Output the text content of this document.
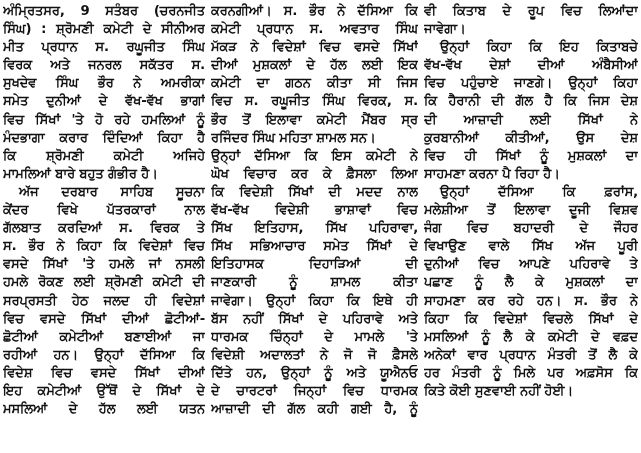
ਅੰਮ੍ਰਿਤਸਰ, 9 ਸਤੰਬਰ (ਚਰਨਜੀਤ
ਸਿੰਘ) : ਸ਼੍ਰੋਮਣੀ ਕਮੇਟੀ ਦੇ ਸੀਨੀਅਰ
ਮੀਤ ਪ੍ਰਧਾਨ ਸ. ਰਘੂਜੀਤ ਸਿੰਘ
ਵਿਰਕ ਅਤੇ ਜਨਰਲ ਸਕੱਤਰ ਸ.
ਸੁਖਦੇਵ ਸਿੰਘ ਭੌਰ ਨੇ ਅਮਰੀਕਾ
ਸਮੇਤ ਦੁਨੀਆਂ ਦੇ ਵੱਖ-ਵੱਖ ਭਾਗਾਂ
ਵਿਚ ਸਿੱਖਾਂ 'ਤੇ ਹੋ ਰਹੇ ਹਮਲਿਆਂ ਨੂੰ
ਮੰਦਭਾਗਾ ਕਰਾਰ ਦਿੰਦਿਆਂ ਕਿਹਾ ਹੈ
ਕਿ ਸ਼੍ਰੋਮਣੀ ਕਮੇਟੀ ਅਜਿਹੇ
ਮਾਮਲਿਆਂ ਬਾਰੇ ਬਹੁਤ ਗੰਭੀਰ ਹੈ।
ਅੱਜ ਦਰਬਾਰ ਸਾਹਿਬ ਸੂਚਨਾ
ਕੇਂਦਰ ਵਿਖੇ ਪੱਤਰਕਾਰਾਂ ਨਾਲ
ਗੱਲਬਾਤ ਕਰਦਿਆਂ ਸ. ਵਿਰਕ ਤੇ
ਸ. ਭੌਰ ਨੇ ਕਿਹਾ ਕਿ ਵਿਦੇਸ਼ਾਂ ਵਿਚ
ਵਸਦੇ ਸਿੱਖਾਂ 'ਤੇ ਹਮਲੇ ਜਾਂ ਨਸਲੀ
ਹਮਲੇ ਰੋਕਣ ਲਈ ਸ਼੍ਰੋਮਣੀ ਕਮੇਟੀ ਦੀ
ਸਰਪ੍ਰਸਤੀ ਹੇਠ ਜਲਦ ਹੀ ਵਿਦੇਸ਼ਾਂ
ਵਿਚ ਵਸਦੇ ਸਿੱਖਾਂ ਦੀਆਂ ਛੋਟੀਆਂ-
ਛੋਟੀਆਂ ਕਮੇਟੀਆਂ ਬਣਾਈਆਂ ਜਾ
ਰਹੀਆਂ ਹਨ। ਉਨ੍ਹਾਂ ਦੱਸਿਆ ਕਿ
ਵਿਦੇਸ਼ ਵਿਚ ਵਸਦੇ ਸਿੱਖਾਂ ਦੀਆਂ
ਇਹ ਕਮੇਟੀਆਂ ਉੱਥੋਂ ਦੇ ਸਿੱਖਾਂ ਦੇ
ਮਸਲਿਆਂ ਦੇ ਹੱਲ ਲਈ ਯਤਨ
ਕਰਨਗੀਆਂ। ਸ. ਭੌਰ ਨੇ ਦੱਸਿਆ ਕਿ
ਕਮੇਟੀ ਪ੍ਰਧਾਨ ਸ. ਅਵਤਾਰ ਸਿੰਘ
ਮੱਕੜ ਨੇ ਵਿਦੇਸ਼ਾਂ ਵਿਚ ਵਸਦੇ ਸਿੱਖਾਂ
ਦੀਆਂ ਮੁਸ਼ਕਲਾਂ ਦੇ ਹੱਲ ਲਈ ਇਕ
ਕਮੇਟੀ ਦਾ ਗਠਨ ਕੀਤਾ ਸੀ ਜਿਸ
ਵਿਚ ਸ. ਰਘੂਜੀਤ ਸਿੰਘ ਵਿਰਕ, ਸ.
ਭੌਰ ਤੋਂ ਇਲਾਵਾ ਕਮੇਟੀ ਮੈਂਬਰ ਸ੍ਰ
ਰਜਿੰਦਰ ਸਿੰਘ ਮਹਿਤਾ ਸ਼ਾਮਲ ਸਨ।
ਉਨ੍ਹਾਂ ਦੱਸਿਆ ਕਿ ਇਸ ਕਮੇਟੀ ਨੇ
ਘੋਖ ਵਿਚਾਰ ਕਰ ਕੇ ਫ਼ੈਸਲਾ ਲਿਆ
ਕਿ ਵਿਦੇਸ਼ੀ ਸਿੱਖਾਂ ਦੀ ਮਦਦ ਨਾਲ
ਵੱਖ-ਵੱਖ ਵਿਦੇਸ਼ੀ ਭਾਸ਼ਾਵਾਂ ਵਿਚ
ਸਿੱਖ ਇਤਿਹਾਸ, ਸਿੱਖ ਪਹਿਰਾਵਾ,
ਸਿੱਖ ਸਭਿਆਚਾਰ ਸਮੇਤ ਸਿੱਖਾਂ ਦੇ
ਇਤਿਹਾਸਕ ਦਿਹਾੜਿਆਂ ਦੀ
ਜਾਣਕਾਰੀ ਨੂੰ ਸ਼ਾਮਲ ਕੀਤਾ
ਜਾਵੇਗਾ। ਉਨ੍ਹਾਂ ਕਿਹਾ ਕਿ ਇਥੇ ਹੀ
ਬੱਸ ਨਹੀਂ ਸਿੱਖਾਂ ਦੇ ਪਹਿਰਾਵੇ ਅਤੇ
ਧਾਰਮਕ ਚਿੰਨ੍ਹਾਂ ਦੇ ਮਾਮਲੇ 'ਤੇ
ਵਿਦੇਸ਼ੀ ਅਦਾਲਤਾਂ ਨੇ ਜੋ ਜੋ ਫ਼ੈਸਲੇ
ਦਿੱਤੇ ਹਨ, ਉਨ੍ਹਾਂ ਨੂੰ ਅਤੇ ਯੂਐਨਓ
ਦੇ ਚਾਰਟਰਾਂ ਜਿਨ੍ਹਾਂ ਵਿਚ ਧਾਰਮਕ
ਆਜ਼ਾਦੀ ਦੀ ਗੱਲ ਕਹੀ ਗਈ ਹੈ, ਨੂੰ
ਵੀ ਕਿਤਾਬ ਦੇ ਰੂਪ ਵਿਚ ਲਿਆਂਦਾ
ਜਾਵੇਗਾ।
ਉਨ੍ਹਾਂ ਕਿਹਾ ਕਿ ਇਹ ਕਿਤਾਬਚੇ
ਵੱਖ-ਵੱਖ ਦੇਸ਼ਾਂ ਦੀਆਂ ਅੰਬੈਸੀਆਂ
ਵਿਚ ਪਹੁੰਚਾਏ ਜਾਣਗੇ। ਉਨ੍ਹਾਂ ਕਿਹਾ
ਕਿ ਹੈਰਾਨੀ ਦੀ ਗੱਲ ਹੈ ਕਿ ਜਿਸ ਦੇਸ਼
ਦੀ ਆਜ਼ਾਦੀ ਲਈ ਸਿੱਖਾਂ ਨੇ
ਕੁਰਬਾਨੀਆਂ ਕੀਤੀਆਂ, ਉਸ ਦੇਸ਼
ਵਿਚ ਹੀ ਸਿੱਖਾਂ ਨੂੰ ਮੁਸ਼ਕਲਾਂ ਦਾ
ਸਾਹਮਣਾ ਕਰਨਾ ਪੈ ਰਿਹਾ ਹੈ।
ਉਨ੍ਹਾਂ ਦੱਸਿਆ ਕਿ ਫ਼ਰਾਂਸ,
ਮਲੇਸ਼ੀਆ ਤੋਂ ਇਲਾਵਾ ਦੂਜੀ ਵਿਸ਼ਵ
ਜੰਗ ਵਿਚ ਬਹਾਦਰੀ ਦੇ ਜੌਹਰ
ਵਿਖਾਉਣ ਵਾਲੇ ਸਿੱਖ ਅੱਜ ਪੂਰੀ
ਦੁਨੀਆਂ ਵਿਚ ਆਪਣੇ ਪਹਿਰਾਵੇ ਤੇ
ਪਛਾਣ ਨੂੰ ਲੈ ਕੇ ਮੁਸ਼ਕਲਾਂ ਦਾ
ਸਾਹਮਣਾ ਕਰ ਰਹੇ ਹਨ। ਸ. ਭੌਰ ਨੇ
ਕਿਹਾ ਕਿ ਵਿਦੇਸ਼ਾਂ ਵਿਚਲੇ ਸਿੱਖਾਂ ਦੇ
ਮਸਲਿਆਂ ਨੂੰ ਲੈ ਕੇ ਕਮੇਟੀ ਦੇ ਵਫ਼ਦ
ਅਨੇਕਾਂ ਵਾਰ ਪ੍ਰਧਾਨ ਮੰਤਰੀ ਤੋਂ ਲੈ ਕੇ
ਹਰ ਮੰਤਰੀ ਨੂੰ ਮਿਲੇ ਪਰ ਅਫ਼ਸੋਸ ਕਿ
ਕਿਤੇ ਕੋਈ ਸੁਣਵਾਈ ਨਹੀਂ ਹੋਈ।
